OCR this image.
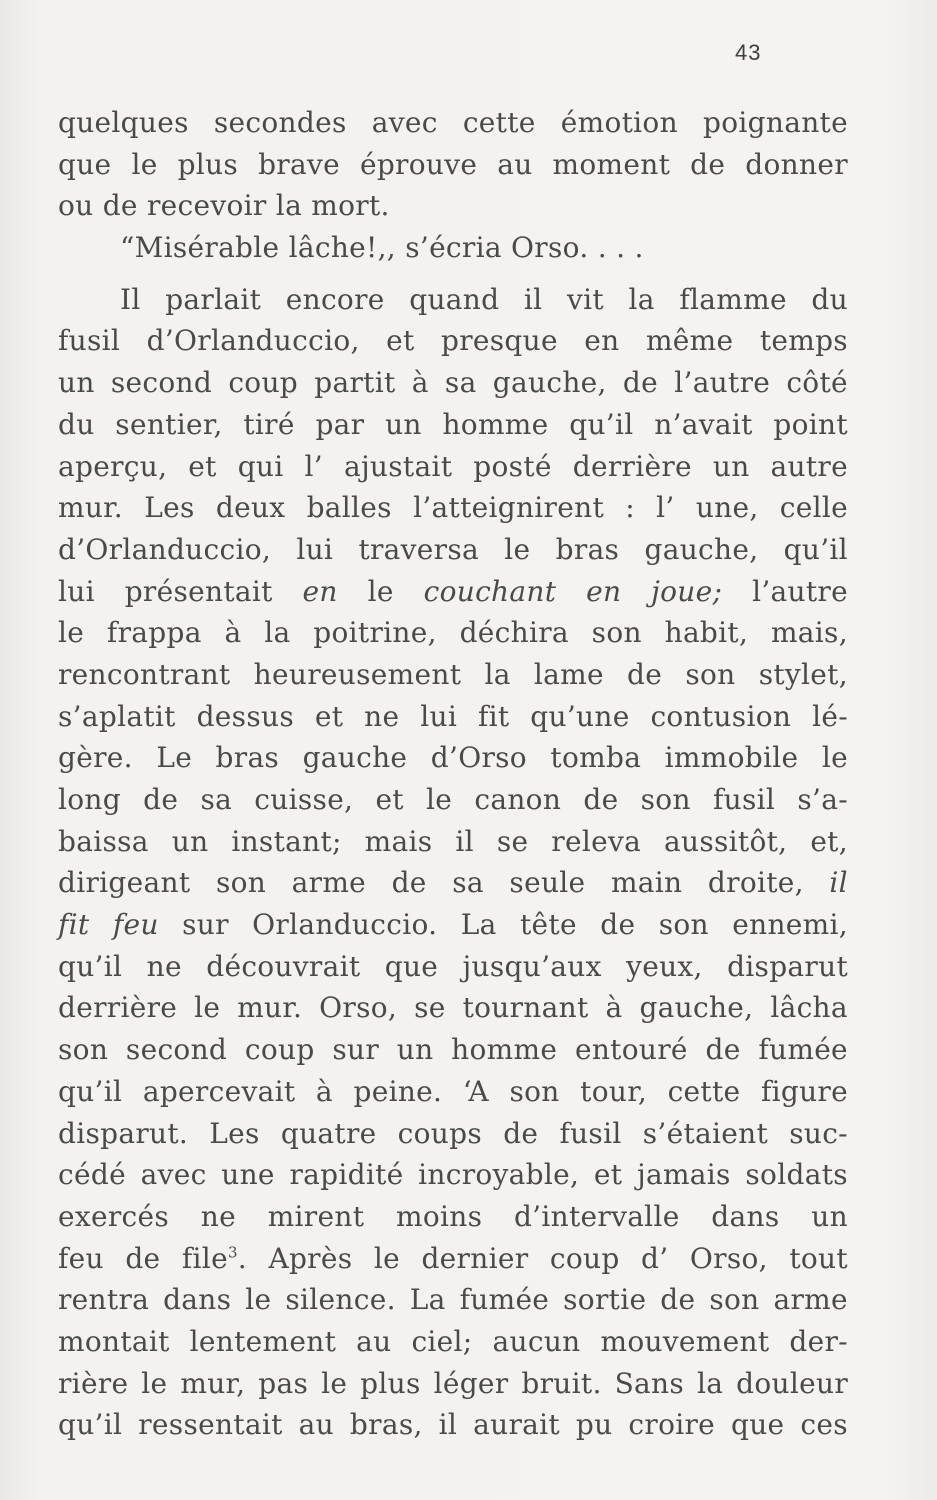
43
quelques secondes avec cette émotion poignante
que le plus brave éprouve au moment de donner
ou de recevoir la mort.
“Misérable lâche!,, s’écria Orso. . . .
Il parlait encore quand il vit la flamme du
fusil d’Orlanduccio, et presque en même temps
un second coup partit à sa gauche, de l’autre côté
du sentier, tiré par un homme qu’il n’avait point
aperçu, et qui l’ ajustait posté derrière un autre
mur. Les deux balles l’atteignirent : l’ une, celle
d’Orlanduccio, lui traversa le bras gauche, qu’il
lui présentait en le couchant en joue; l’autre
le frappa à la poitrine, déchira son habit, mais,
rencontrant heureusement la lame de son stylet,
s’aplatit dessus et ne lui fit qu’une contusion lé-
gère. Le bras gauche d’Orso tomba immobile le
long de sa cuisse, et le canon de son fusil s’a-
baissa un instant; mais il se releva aussitôt, et,
dirigeant son arme de sa seule main droite, il
fit feu sur Orlanduccio. La tête de son ennemi,
qu’il ne découvrait que jusqu’aux yeux, disparut
derrière le mur. Orso, se tournant à gauche, lâcha
son second coup sur un homme entouré de fumée
qu’il apercevait à peine. ‘A son tour, cette figure
disparut. Les quatre coups de fusil s’étaient suc-
cédé avec une rapidité incroyable, et jamais soldats
exercés ne mirent moins d’intervalle dans un
feu de file$^3$. Après le dernier coup d’ Orso, tout
rentra dans le silence. La fumée sortie de son arme
montait lentement au ciel; aucun mouvement der-
rière le mur, pas le plus léger bruit. Sans la douleur
qu’il ressentait au bras, il aurait pu croire que ces
